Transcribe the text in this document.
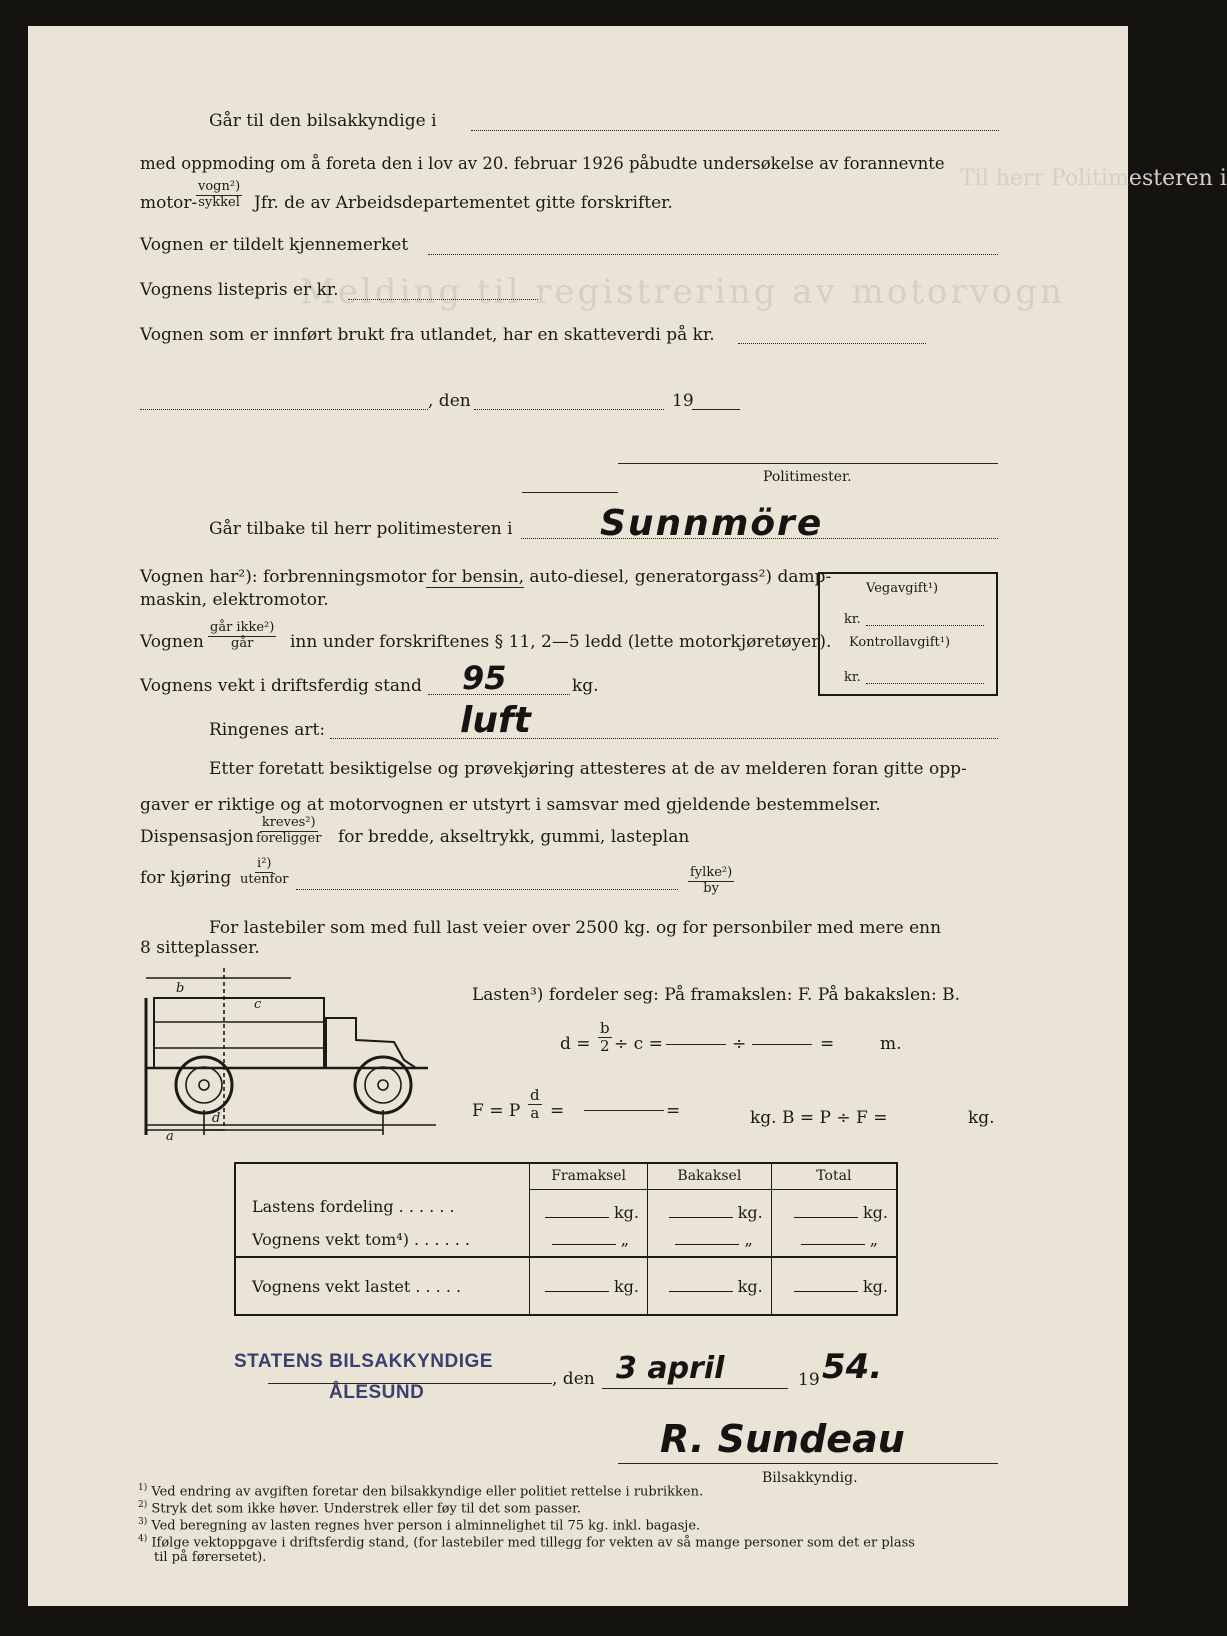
Til herr Politimesteren i
Melding til registrering av motorvogn
Går til den bilsakkyndige i
med oppmoding om å foreta den i lov av 20. februar 1926 påbudte undersøkelse av forannevnte
motor-
vogn²)
sykkel Jfr. de av Arbeidsdepartementet gitte forskrifter.
Vognen er tildelt kjennemerket
Vognens listepris er kr.
Vognen som er innført brukt fra utlandet, har en skatteverdi på kr.
, den	19
Politimester.
Går tilbake til herr politimesteren i Sunnmöre
Vognen har²): forbrenningsmotor for bensin, auto-diesel, generatorgass²) damp-
maskin, elektromotor.
Vognen
går ikke²)
går inn under forskriftenes § 11, 2—5 ledd (lette motorkjøretøyer).
Vognens vekt i driftsferdig stand 95	kg.
Vegavgift¹)
kr.
Kontrollavgift¹)
kr.
Ringenes art:	luft
Etter foretatt besiktigelse og prøvekjøring attesteres at de av melderen foran gitte opp-
gaver er riktige og at motorvognen er utstyrt i samsvar med gjeldende bestemmelser.
Dispensasjon
kreves²)
foreligger for bredde, akseltrykk, gummi, lasteplan
for kjøring
i²)
utenfor	fylke²)
by
For lastebiler som med full last veier over 2500 kg. og for personbiler med mere enn
8 sitteplasser.
b
c
d
a
Lasten³) fordeler seg: På framakslen: F. På bakakslen: B.
$d = \frac{b}{2} \div c$ =	÷	=	m.
F = P $\frac{d}{a}$ =	=	kg. B = P ÷ F =	kg.
	Framaksel	Bakaksel	Total
Lastens fordeling . . . . . .	kg.	kg.	kg.
Vognens vekt tom⁴) . . . . . .	„	„	„
Vognens vekt lastet . . . . .	kg.	kg.	kg.
STATENS BILSAKKYNDIGE
ÅLESUND
, den 3 april	19 54.
R. Sundeau
Bilsakkyndig.
$^{1)}$ Ved endring av avgiften foretar den bilsakkyndige eller politiet rettelse i rubrikken.
$^{2)}$ Stryk det som ikke høver. Understrek eller føy til det som passer.
$^{3)}$ Ved beregning av lasten regnes hver person i alminnelighet til 75 kg. inkl. bagasje.
$^{4)}$ Ifølge vektoppgave i driftsferdig stand, (for lastebiler med tillegg for vekten av så mange personer som det er plass
til på førersetet).
